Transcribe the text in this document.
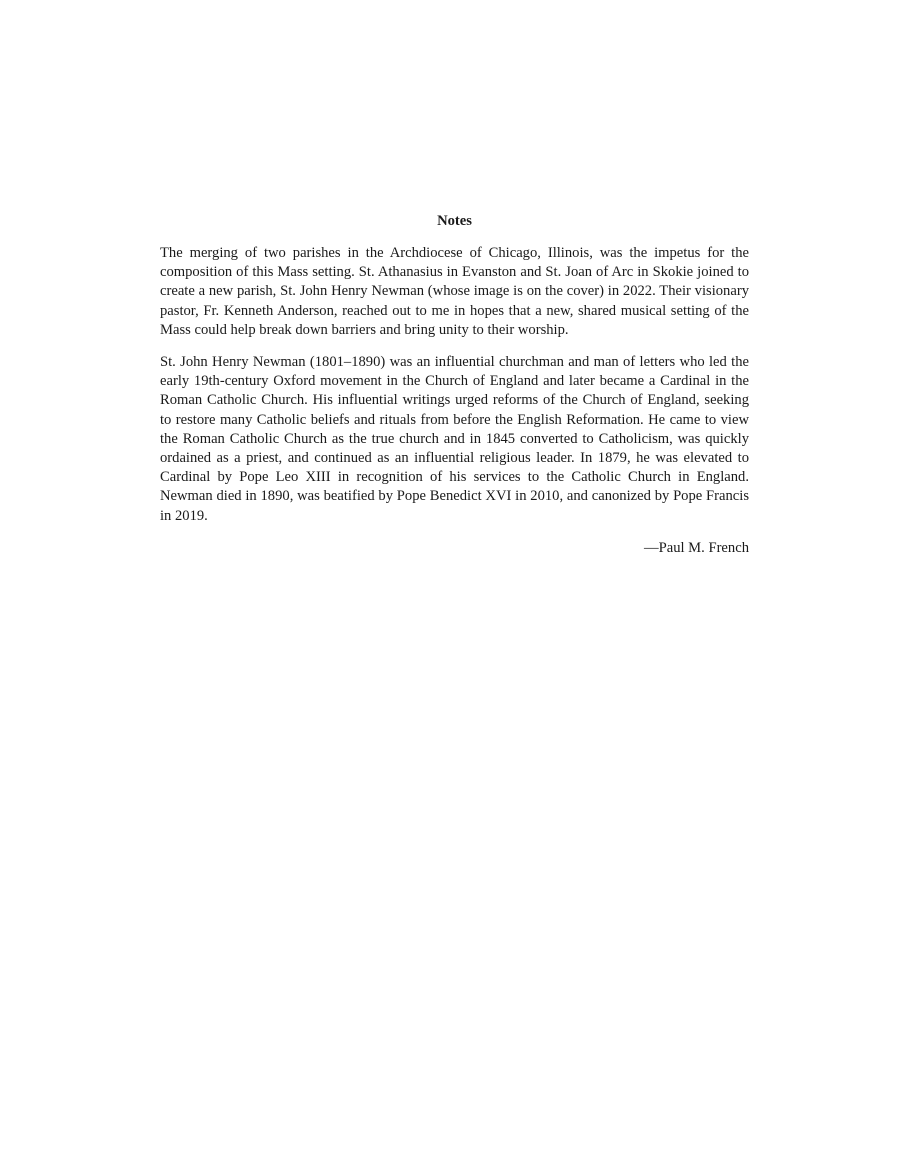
Notes

The merging of two parishes in the Archdiocese of Chicago, Illinois, was the impetus for the composition of this Mass setting. St. Athanasius in Evanston and St. Joan of Arc in Skokie joined to create a new parish, St. John Henry Newman (whose image is on the cover) in 2022. Their visionary pastor, Fr. Kenneth Anderson, reached out to me in hopes that a new, shared musical setting of the Mass could help break down barriers and bring unity to their worship.

St. John Henry Newman (1801–1890) was an influential churchman and man of letters who led the early 19th-century Oxford movement in the Church of England and later became a Cardinal in the Roman Catholic Church. His influential writings urged reforms of the Church of England, seeking to restore many Catholic beliefs and rituals from before the English Reformation. He came to view the Roman Catholic Church as the true church and in 1845 converted to Catholicism, was quickly ordained as a priest, and continued as an influential religious leader. In 1879, he was elevated to Cardinal by Pope Leo XIII in recognition of his services to the Catholic Church in England. Newman died in 1890, was beatified by Pope Benedict XVI in 2010, and canonized by Pope Francis in 2019.

—Paul M. French
